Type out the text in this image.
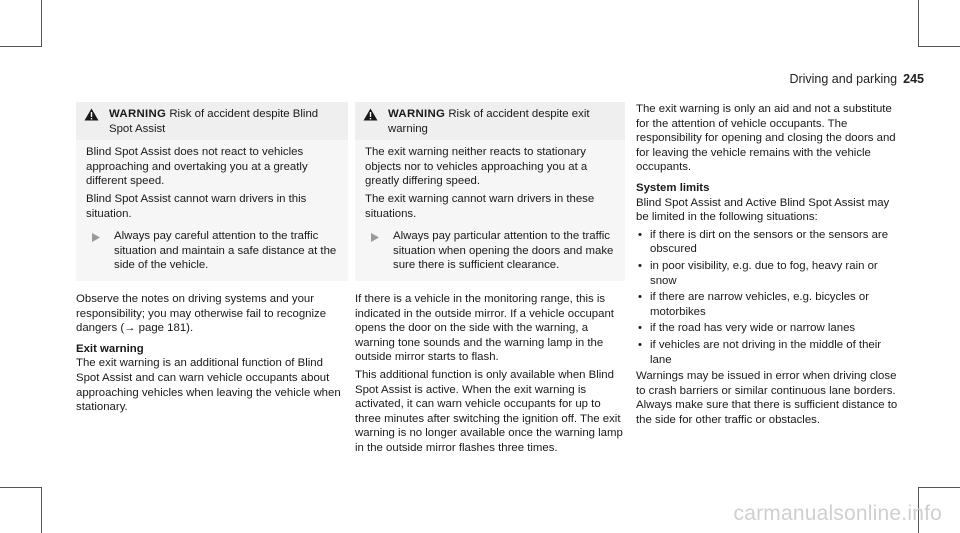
Driving and parking 245
WARNING Risk of accident despite Blind Spot Assist

Blind Spot Assist does not react to vehicles approaching and overtaking you at a greatly different speed.

Blind Spot Assist cannot warn drivers in this situation.

Always pay careful attention to the traffic situation and maintain a safe distance at the side of the vehicle.

Observe the notes on driving systems and your responsibility; you may otherwise fail to recognize dangers (→ page 181).

Exit warning

The exit warning is an additional function of Blind Spot Assist and can warn vehicle occupants about approaching vehicles when leaving the vehicle when stationary.

WARNING Risk of accident despite exit warning

The exit warning neither reacts to stationary objects nor to vehicles approaching you at a greatly differing speed.

The exit warning cannot warn drivers in these situations.

Always pay particular attention to the traffic situation when opening the doors and make sure there is sufficient clearance.

If there is a vehicle in the monitoring range, this is indicated in the outside mirror. If a vehicle occupant opens the door on the side with the warning, a warning tone sounds and the warning lamp in the outside mirror starts to flash.

This additional function is only available when Blind Spot Assist is active. When the exit warning is activated, it can warn vehicle occupants for up to three minutes after switching the ignition off. The exit warning is no longer available once the warning lamp in the outside mirror flashes three times.

The exit warning is only an aid and not a substitute for the attention of vehicle occupants. The responsibility for opening and closing the doors and for leaving the vehicle remains with the vehicle occupants.

System limits

Blind Spot Assist and Active Blind Spot Assist may be limited in the following situations:

• if there is dirt on the sensors or the sensors are obscured
• in poor visibility, e.g. due to fog, heavy rain or snow
• if there are narrow vehicles, e.g. bicycles or motorbikes
• if the road has very wide or narrow lanes
• if vehicles are not driving in the middle of their lane

Warnings may be issued in error when driving close to crash barriers or similar continuous lane borders. Always make sure that there is sufficient distance to the side for other traffic or obstacles.

carmanualsonline.info
